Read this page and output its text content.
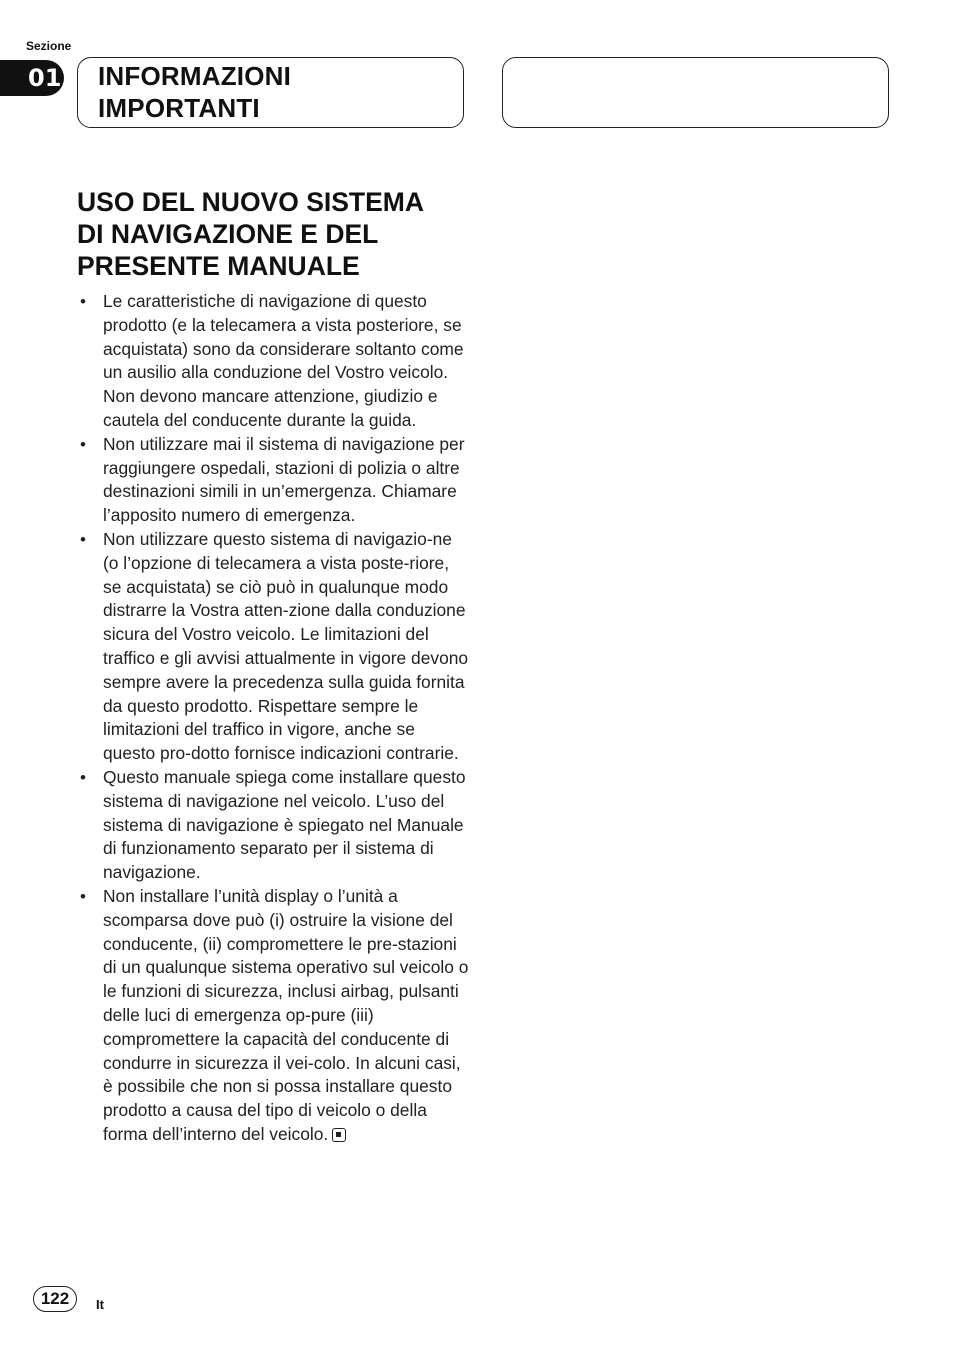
Sezione
01 INFORMAZIONI
IMPORTANTI
USO DEL NUOVO SISTEMA
DI NAVIGAZIONE E DEL
PRESENTE MANUALE
• Le caratteristiche di navigazione di questo prodotto (e la telecamera a vista posteriore, se acquistata) sono da considerare soltanto come un ausilio alla conduzione del Vostro veicolo. Non devono mancare attenzione, giudizio e cautela del conducente durante la guida.
• Non utilizzare mai il sistema di navigazione per raggiungere ospedali, stazioni di polizia o altre destinazioni simili in un’emergenza. Chiamare l’apposito numero di emergenza.
• Non utilizzare questo sistema di navigazio-ne (o l’opzione di telecamera a vista poste-riore, se acquistata) se ciò può in qualunque modo distrarre la Vostra atten-zione dalla conduzione sicura del Vostro veicolo. Le limitazioni del traffico e gli avvisi attualmente in vigore devono sempre avere la precedenza sulla guida fornita da questo prodotto. Rispettare sempre le limitazioni del traffico in vigore, anche se questo pro-dotto fornisce indicazioni contrarie.
• Questo manuale spiega come installare questo sistema di navigazione nel veicolo. L’uso del sistema di navigazione è spiegato nel Manuale di funzionamento separato per il sistema di navigazione.
• Non installare l’unità display o l’unità a scomparsa dove può (i) ostruire la visione del conducente, (ii) compromettere le pre-stazioni di un qualunque sistema operativo sul veicolo o le funzioni di sicurezza, inclusi airbag, pulsanti delle luci di emergenza op-pure (iii) compromettere la capacità del conducente di condurre in sicurezza il vei-colo. In alcuni casi, è possibile che non si possa installare questo prodotto a causa del tipo di veicolo o della forma dell’interno del veicolo.
122	It
